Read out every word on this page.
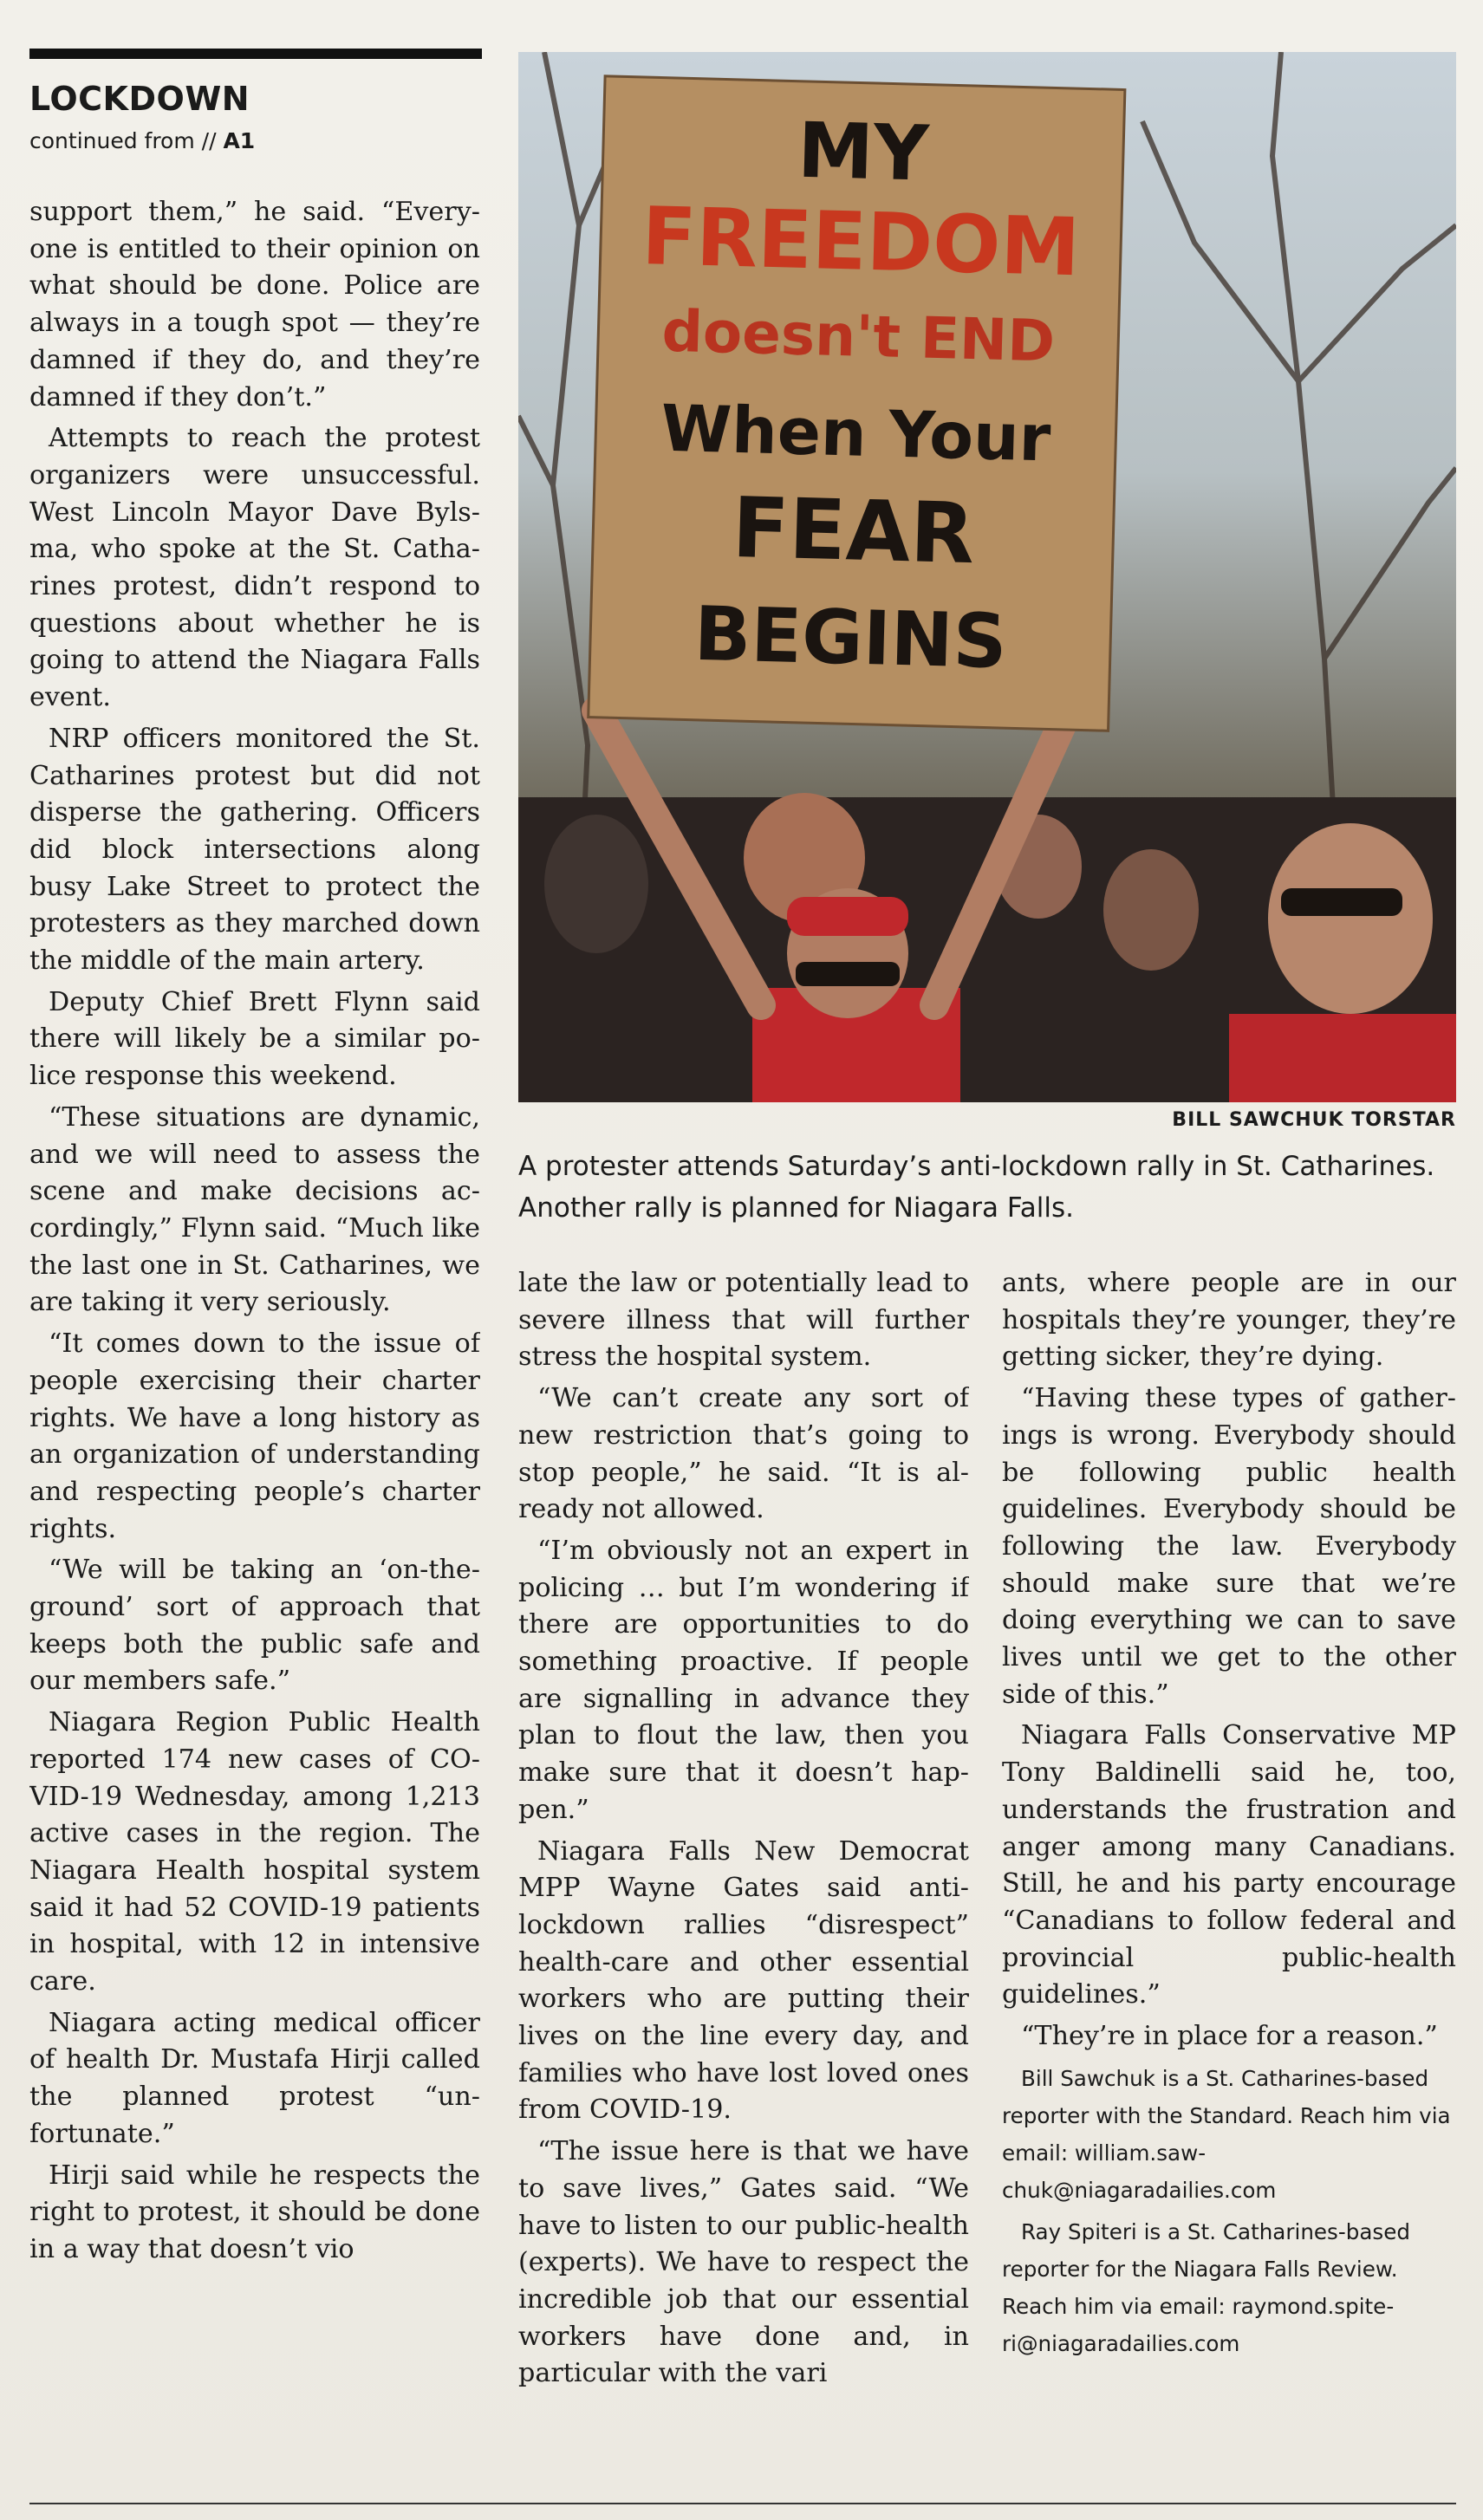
LOCKDOWN
continued from // A1

support them,” he said. “Everyone is entitled to their opinion on what should be done. Police are always in a tough spot — they’re damned if they do, and they’re damned if they don’t.”

Attempts to reach the protest organizers were unsuccessful. West Lincoln Mayor Dave Bylsma, who spoke at the St. Catharines protest, didn’t respond to questions about whether he is going to attend the Niagara Falls event.

NRP officers monitored the St. Catharines protest but did not disperse the gathering. Officers did block intersections along busy Lake Street to protect the protesters as they marched down the middle of the main artery.

Deputy Chief Brett Flynn said there will likely be a similar police response this weekend.

“These situations are dynamic, and we will need to assess the scene and make decisions accordingly,” Flynn said. “Much like the last one in St. Catharines, we are taking it very seriously.

“It comes down to the issue of people exercising their charter rights. We have a long history as an organization of understanding and respecting people’s charter rights.

“We will be taking an ‘on-the-ground’ sort of approach that keeps both the public safe and our members safe.”

Niagara Region Public Health reported 174 new cases of COVID-19 Wednesday, among 1,213 active cases in the region. The Niagara Health hospital system said it had 52 COVID-19 patients in hospital, with 12 in intensive care.

Niagara acting medical officer of health Dr. Mustafa Hirji called the planned protest “unfortunate.”

Hirji said while he respects the right to protest, it should be done in a way that doesn’t vio

MY
FREEDOM
doesn't END
When Your
FEAR
BEGINS
BILL SAWCHUK TORSTAR
A protester attends Saturday’s anti-lockdown rally in St. Catharines. Another rally is planned for Niagara Falls.

late the law or potentially lead to severe illness that will further stress the hospital system.

“We can’t create any sort of new restriction that’s going to stop people,” he said. “It is already not allowed.

“I’m obviously not an expert in policing … but I’m wondering if there are opportunities to do something proactive. If people are signalling in advance they plan to flout the law, then you make sure that it doesn’t happen.”

Niagara Falls New Democrat MPP Wayne Gates said anti-lockdown rallies “disrespect” health-care and other essential workers who are putting their lives on the line every day, and families who have lost loved ones from COVID-19.

“The issue here is that we have to save lives,” Gates said. “We have to listen to our public-health (experts). We have to respect the incredible job that our essential workers have done and, in particular with the vari

ants, where people are in our hospitals they’re younger, they’re getting sicker, they’re dying.

“Having these types of gatherings is wrong. Everybody should be following public health guidelines. Everybody should be following the law. Everybody should make sure that we’re doing everything we can to save lives until we get to the other side of this.”

Niagara Falls Conservative MP Tony Baldinelli said he, too, understands the frustration and anger among many Canadians. Still, he and his party encourage “Canadians to follow federal and provincial public-health guidelines.”

“They’re in place for a reason.”

Bill Sawchuk is a St. Catharines-based reporter with the Standard. Reach him via email: william.sawchuk@niagaradailies.com

Ray Spiteri is a St. Catharines-based reporter for the Niagara Falls Review. Reach him via email: raymond.spiteri@niagaradailies.com
